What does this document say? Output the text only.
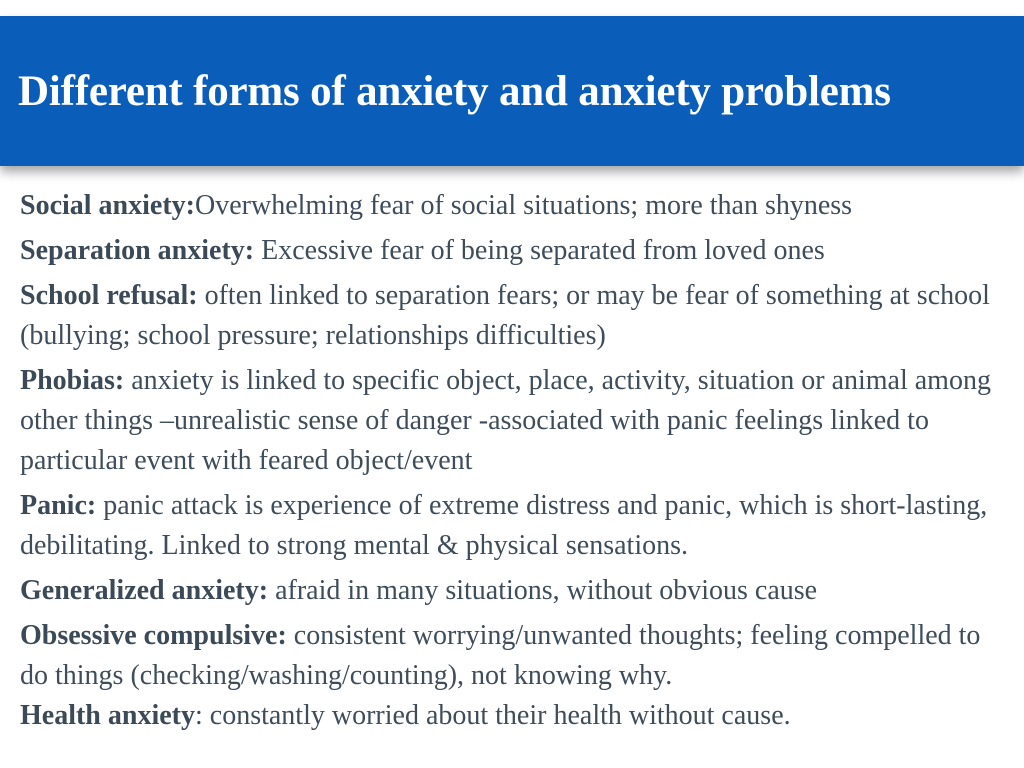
Different forms of anxiety and anxiety problems

Social anxiety:Overwhelming fear of social situations; more than shyness

Separation anxiety: Excessive fear of being separated from loved ones

School refusal: often linked to separation fears; or may be fear of something at school (bullying; school pressure; relationships difficulties)

Phobias: anxiety is linked to specific object, place, activity, situation or animal among other things –unrealistic sense of danger -associated with panic feelings linked to particular event with feared object/event

Panic: panic attack is experience of extreme distress and panic, which is short-lasting, debilitating. Linked to strong mental & physical sensations.

Generalized anxiety: afraid in many situations, without obvious cause

Obsessive compulsive: consistent worrying/unwanted thoughts; feeling compelled to do things (checking/washing/counting), not knowing why.

Health anxiety: constantly worried about their health without cause.
